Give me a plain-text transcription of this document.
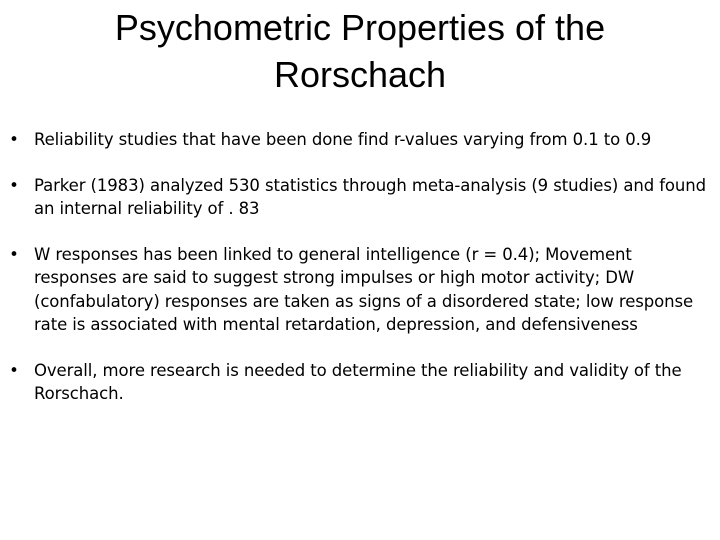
Psychometric Properties of the Rorschach
• Reliability studies that have been done find r-values varying from 0.1 to 0.9
• Parker (1983) analyzed 530 statistics through meta-analysis (9 studies) and found an internal reliability of . 83
• W responses has been linked to general intelligence (r = 0.4); Movement responses are said to suggest strong impulses or high motor activity; DW (confabulatory) responses are taken as signs of a disordered state; low response rate is associated with mental retardation, depression, and defensiveness
• Overall, more research is needed to determine the reliability and validity of the Rorschach.
